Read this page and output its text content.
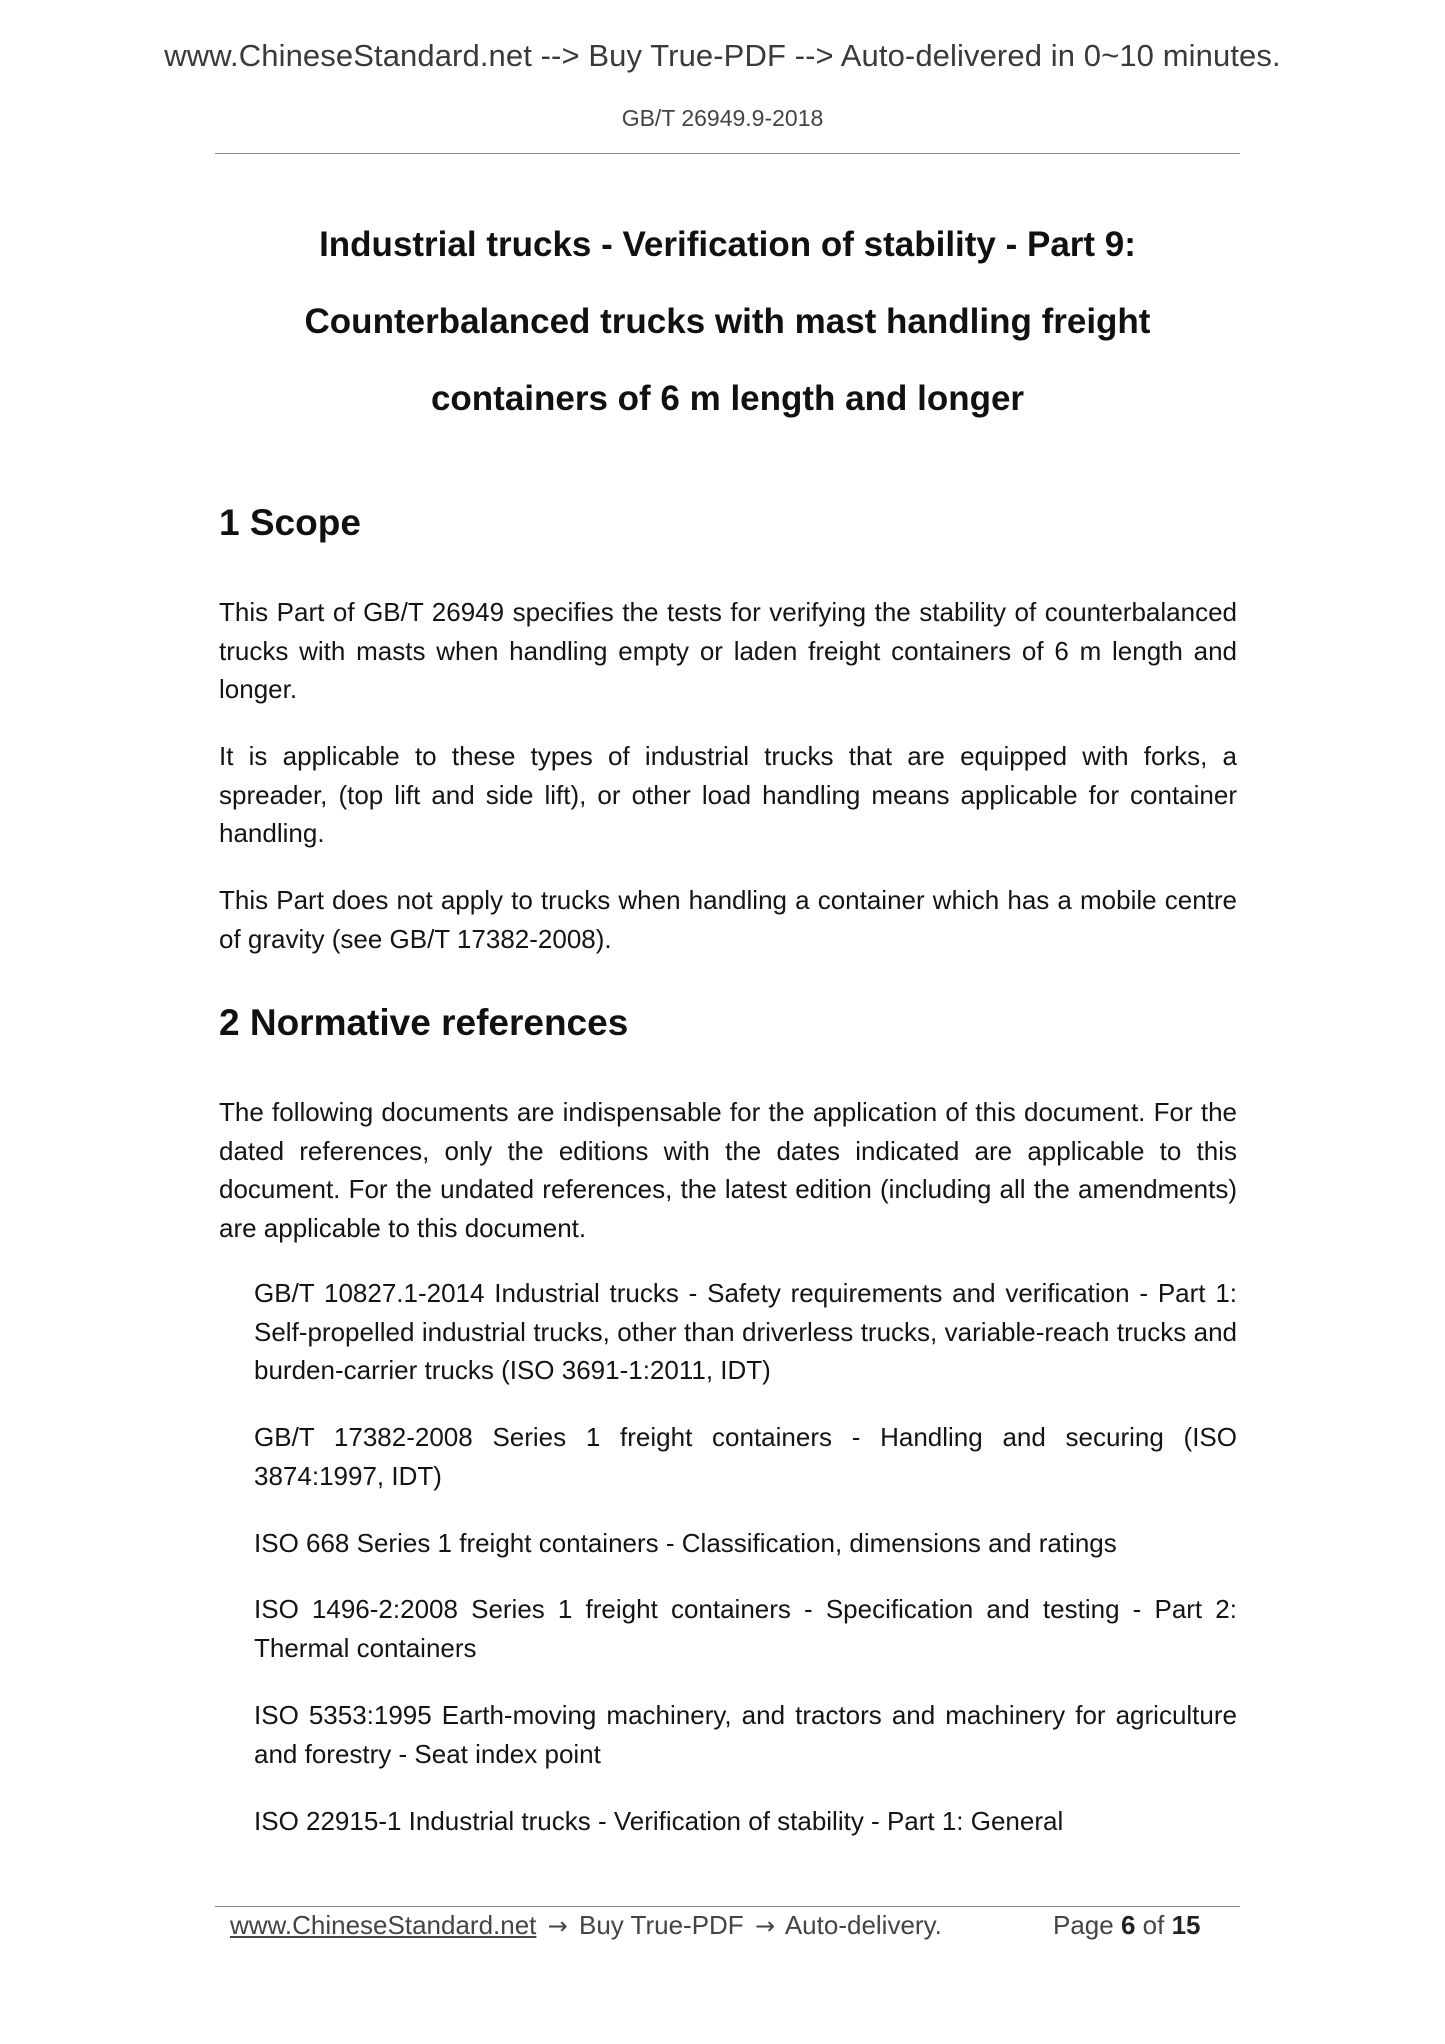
www.ChineseStandard.net --> Buy True-PDF --> Auto-delivered in 0~10 minutes.
GB/T 26949.9-2018
Industrial trucks - Verification of stability - Part 9:
Counterbalanced trucks with mast handling freight
containers of 6 m length and longer
1 Scope
This Part of GB/T 26949 specifies the tests for verifying the stability of counterbalanced trucks with masts when handling empty or laden freight containers of 6 m length and longer.
It is applicable to these types of industrial trucks that are equipped with forks, a spreader, (top lift and side lift), or other load handling means applicable for container handling.
This Part does not apply to trucks when handling a container which has a mobile centre of gravity (see GB/T 17382-2008).
2 Normative references
The following documents are indispensable for the application of this document. For the dated references, only the editions with the dates indicated are applicable to this document. For the undated references, the latest edition (including all the amendments) are applicable to this document.
GB/T 10827.1-2014 Industrial trucks - Safety requirements and verification - Part 1: Self-propelled industrial trucks, other than driverless trucks, variable-reach trucks and burden-carrier trucks (ISO 3691-1:2011, IDT)
GB/T 17382-2008 Series 1 freight containers - Handling and securing (ISO 3874:1997, IDT)
ISO 668 Series 1 freight containers - Classification, dimensions and ratings
ISO 1496-2:2008 Series 1 freight containers - Specification and testing - Part 2: Thermal containers
ISO 5353:1995 Earth-moving machinery, and tractors and machinery for agriculture and forestry - Seat index point
ISO 22915-1 Industrial trucks - Verification of stability - Part 1: General
www.ChineseStandard.net → Buy True-PDF → Auto-delivery.	Page 6 of 15
